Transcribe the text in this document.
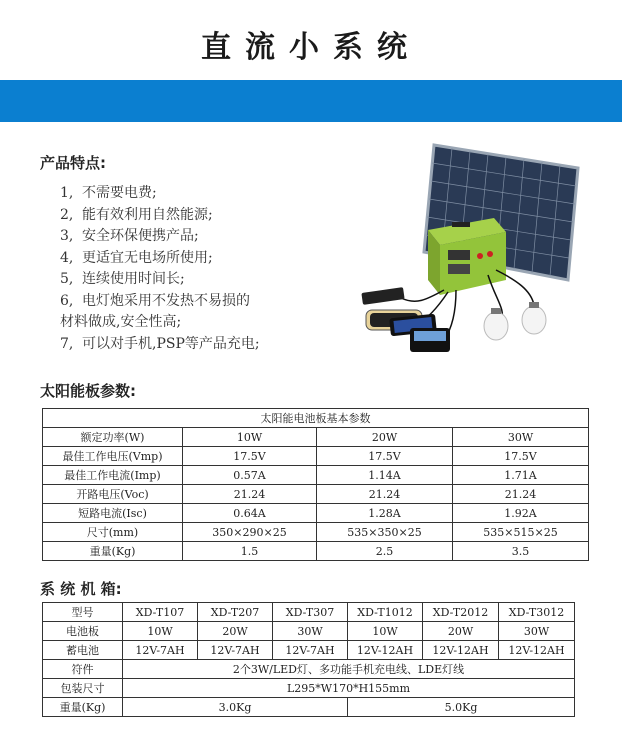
直流小系统
产品特点:
1, 不需要电费;
2, 能有效利用自然能源;
3, 安全环保便携产品;
4, 更适宜无电场所使用;
5, 连续使用时间长;
6, 电灯炮采用不发热不易损的
材料做成,安全性高;
7, 可以对手机,PSP等产品充电;
太阳能板参数:
太阳能电池板基本参数			
额定功率(W)	10W	20W	30W
最佳工作电压(Vmp)	17.5V	17.5V	17.5V
最佳工作电流(Imp)	0.57A	1.14A	1.71A
开路电压(Voc)	21.24	21.24	21.24
短路电流(Isc)	0.64A	1.28A	1.92A
尺寸(mm)	350×290×25	535×350×25	535×515×25
重量(Kg)	1.5	2.5	3.5
系 统 机 箱:
型号	XD-T107	XD-T207	XD-T307	XD-T1012	XD-T2012	XD-T3012
电池板	10W	20W	30W	10W	20W	30W
蓄电池	12V-7AH	12V-7AH	12V-7AH	12V-12AH	12V-12AH	12V-12AH
符件	2个3W/LED灯、多功能手机充电线、LDE灯线					
包装尺寸	L295*W170*H155mm					
重量(Kg)	3.0Kg			5.0Kg		
